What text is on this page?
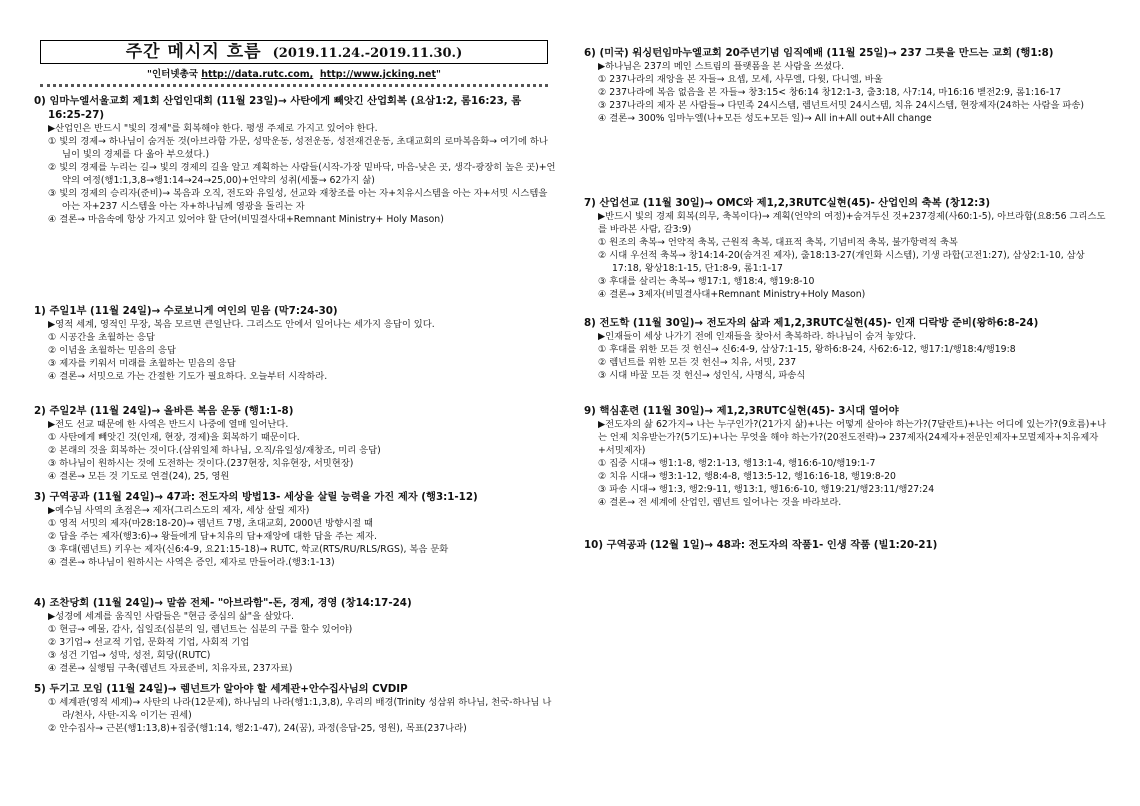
주간 메시지 흐름 (2019.11.24.-2019.11.30.)
"인터넷총국 http://data.rutc.com, http://www.jcking.net"
0) 임마누엘서울교회 제1회 산업인대회 (11월 23일)→ 사탄에게 빼앗긴 산업회복 (요삼1:2, 롬16:23, 롬16:25-27)
▶산업인은 반드시 "빛의 경제"를 회복해야 한다. 평생 주제로 가지고 있어야 한다.
① 빛의 경제→ 하나님이 숨겨둔 것(아브라함 가문, 성막운동, 성전운동, 성전재건운동, 초대교회의 로마복음화→ 여기에 하나님이 빛의 경제를 다 옮아 부으셨다.)
② 빛의 경제를 누리는 길→ 빛의 경제의 길을 알고 계획하는 사람들(시작-가장 밑바닥, 마음-낮은 곳, 생각-광장히 높은 곳)+언약의 여정(행1:1,3,8→행1:14→24→25,00)+언약의 성취(세툴→ 62가지 삶)
③ 빛의 경제의 승리자(준비)→ 복음과 오직, 전도와 유일성, 선교와 재창조를 아는 자+치유시스템을 아는 자+서밋 시스템을 아는 자+237 시스템을 아는 자+하나님께 영광을 돌리는 자
④ 결론→ 마음속에 항상 가지고 있어야 할 단어(비밀결사대+Remnant Ministry+ Holy Mason)
1) 주일1부 (11월 24일)→ 수로보니게 여인의 믿음 (막7:24-30)
▶영적 세계, 영적인 무장, 복음 모르면 큰일난다. 그리스도 안에서 일어나는 세가지 응답이 있다.
① 시공간을 초월하는 응답
② 이념을 초월하는 믿음의 응답
③ 제자를 키워서 미래를 초월하는 믿음의 응답
④ 결론→ 서밋으로 가는 간절한 기도가 필요하다. 오늘부터 시작하라.
2) 주일2부 (11월 24일)→ 올바른 복음 운동 (행1:1-8)
▶전도 선교 때문에 한 사역은 반드시 나중에 열매 일어난다.
① 사탄에게 빼앗긴 것(인재, 현장, 경제)을 회복하기 때문이다.
② 본래의 것을 회복하는 것이다.(삼위일체 하나님, 오직/유일성/재창조, 미리 응답)
③ 하나님이 원하시는 것에 도전하는 것이다.(237현장, 치유현장, 서밋현장)
④ 결론→ 모든 것 기도로 연결(24), 25, 영원
3) 구역공과 (11월 24일)→ 47과: 전도자의 방법13- 세상을 살릴 능력을 가진 제자 (행3:1-12)
▶예수님 사역의 초점은→ 제자(그리스도의 제자, 세상 살릴 제자)
① 영적 서밋의 제자(마28:18-20)→ 렘넌트 7명, 초대교회, 2000년 방향시절 때
② 답을 주는 제자(행3:6)→ 왕들에게 답+치유의 답+재앙에 대한 답을 주는 제자.
③ 후대(렘넌트) 키우는 제자(신6:4-9, 요21:15-18)→ RUTC, 학교(RTS/RU/RLS/RGS), 복음 문화
④ 결론→ 하나님이 원하시는 사역은 증인, 제자로 만들어라.(행3:1-13)
4) 조찬당회 (11월 24일)→ 말씀 전체- "아브라함"-돈, 경제, 경영 (창14:17-24)
▶성경에 세계를 움직인 사람들은 "현금 중심의 삶"을 살았다.
① 현금→ 예물, 감사, 십일조(십분의 일, 렘넌트는 십분의 구를 할수 있어야)
② 3기업→ 선교적 기업, 문화적 기업, 사회적 기업
③ 성건 기업→ 성막, 성전, 회당((RUTC)
④ 결론→ 실행팀 구축(렘넌트 자료준비, 치유자료, 237자료)
5) 두기고 모임 (11월 24일)→ 렘넌트가 알아야 할 세계관+안수집사님의 CVDIP
① 세계관(영적 세계)→ 사탄의 나라(12문제), 하나님의 나라(행1:1,3,8), 우리의 배경(Trinity 성삼위 하나님, 천국-하나님 나라/천사, 사탄-지옥 이기는 권세)
② 안수집사→ 근본(행1:13,8)+집중(행1:14, 행2:1-47), 24(꿈), 과정(응답-25, 영원), 목표(237나라)
6) (미국) 워싱턴임마누엘교회 20주년기념 임직예배 (11월 25일)→ 237 그릇을 만드는 교회 (행1:8)
▶하나님은 237의 메인 스트림의 플랫폼을 본 사람을 쓰셨다.
① 237나라의 재앙을 본 자들→ 요셉, 모세, 사무엘, 다윗, 다니엘, 바울
② 237나라에 복음 없음을 본 자들→ 창3:15< 창6:14 창12:1-3, 출3:18, 사7:14, 마16:16 벧전2:9, 롬1:16-17
③ 237나라의 제자 본 사람들→ 다민족 24시스템, 렘넌트서밋 24시스템, 치유 24시스템, 현장제자(24하는 사람을 파송)
④ 결론→ 300% 임마누엘(나+모든 성도+모든 일)→ All in+All out+All change
7) 산업선교 (11월 30일)→ OMC와 제1,2,3RUTC실현(45)- 산업인의 축복 (창12:3)
▶반드시 빛의 경제 회복(의무, 축복이다)→ 계획(언약의 여정)+숨겨두신 것+237경제(사60:1-5), 아브라함(요8:56 그리스도를 바라본 사람, 갈3:9)
① 원조의 축복→ 언약적 축복, 근원적 축복, 대표적 축복, 기념비적 축복, 불가항력적 축복
② 시대 우선적 축복→ 창14:14-20(숨겨진 제자), 출18:13-27(개인화 시스템), 기생 라합(고전1:27), 삼상2:1-10, 삼상17:18, 왕상18:1-15, 단1:8-9, 롬1:1-17
③ 후대를 살리는 축복→ 행17:1, 행18:4, 행19:8-10
④ 결론→ 3제자(비밀결사대+Remnant Ministry+Holy Mason)
8) 전도학 (11월 30일)→ 전도자의 삶과 제1,2,3RUTC실현(45)- 인재 디락방 준비(왕하6:8-24)
▶인재들이 세상 나가기 전에 인재들을 찾아서 축복하라. 하나님이 숨겨 놓았다.
① 후대를 위한 모든 것 헌신→ 신6:4-9, 삼상7:1-15, 왕하6:8-24, 사62:6-12, 행17:1/행18:4/행19:8
② 렘넌트를 위한 모든 것 헌신→ 치유, 서밋, 237
③ 시대 바꿀 모든 것 헌신→ 성인식, 사명식, 파송식
9) 핵심훈련 (11월 30일)→ 제1,2,3RUTC실현(45)- 3시대 열어야
▶전도자의 삶 62가지→ 나는 누구인가?(21가지 삶)+나는 어떻게 살아야 하는가?(7달란트)+나는 어디에 있는가?(9흐름)+나는 언제 치유받는가?(5기도)+나는 무엇을 해야 하는가?(20전도전략)→ 237제자(24제자+전문인제자+모멀제자+치유제자+서밋제자)
① 집중 시대→ 행1:1-8, 행2:1-13, 행13:1-4, 행16:6-10/행19:1-7
② 치유 시대→ 행3:1-12, 행8:4-8, 행13:5-12, 행16:16-18, 행19:8-20
③ 파송 시대→ 행1:3, 행2:9-11, 행13:1, 행16:6-10, 행19:21/행23:11/행27:24
④ 결론→ 전 세계에 산업인, 렘넌트 일어나는 것을 바라보라.
10) 구역공과 (12월 1일)→ 48과: 전도자의 작품1- 인생 작품 (빌1:20-21)
